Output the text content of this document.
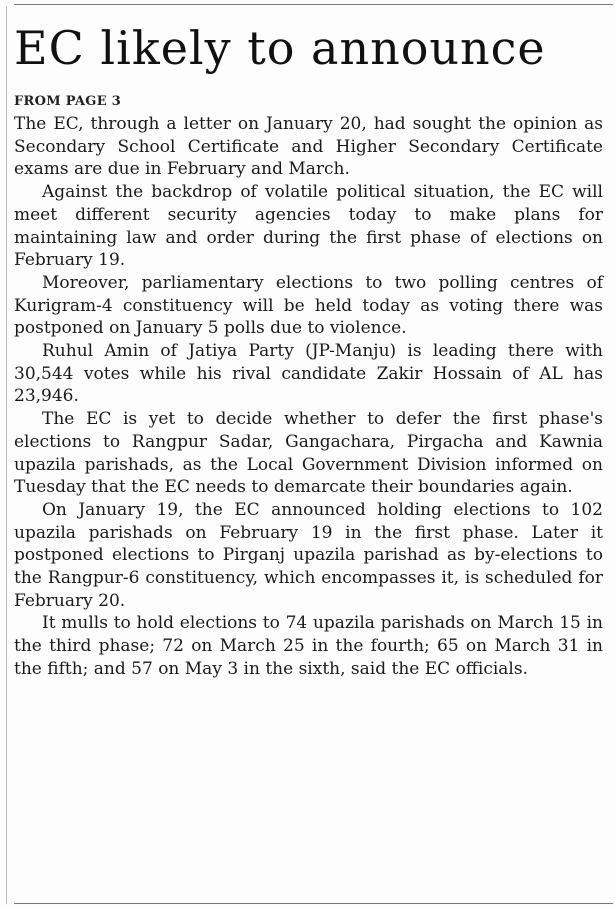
EC likely to announce
FROM PAGE 3

The EC, through a letter on January 20, had sought the opinion as Secondary School Certificate and Higher Secondary Certificate exams are due in February and March.

Against the backdrop of volatile political situation, the EC will meet different security agencies today to make plans for maintaining law and order during the first phase of elections on February 19.

Moreover, parliamentary elections to two polling centres of Kurigram-4 constituency will be held today as voting there was postponed on January 5 polls due to violence.

Ruhul Amin of Jatiya Party (JP-Manju) is leading there with 30,544 votes while his rival candidate Zakir Hossain of AL has 23,946.

The EC is yet to decide whether to defer the first phase's elections to Rangpur Sadar, Gangachara, Pirgacha and Kawnia upazila parishads, as the Local Government Division informed on Tuesday that the EC needs to demarcate their boundaries again.

On January 19, the EC announced holding elections to 102 upazila parishads on February 19 in the first phase. Later it postponed elections to Pirganj upazila parishad as by-elections to the Rangpur-6 constituency, which encompasses it, is scheduled for February 20.

It mulls to hold elections to 74 upazila parishads on March 15 in the third phase; 72 on March 25 in the fourth; 65 on March 31 in the fifth; and 57 on May 3 in the sixth, said the EC officials.
